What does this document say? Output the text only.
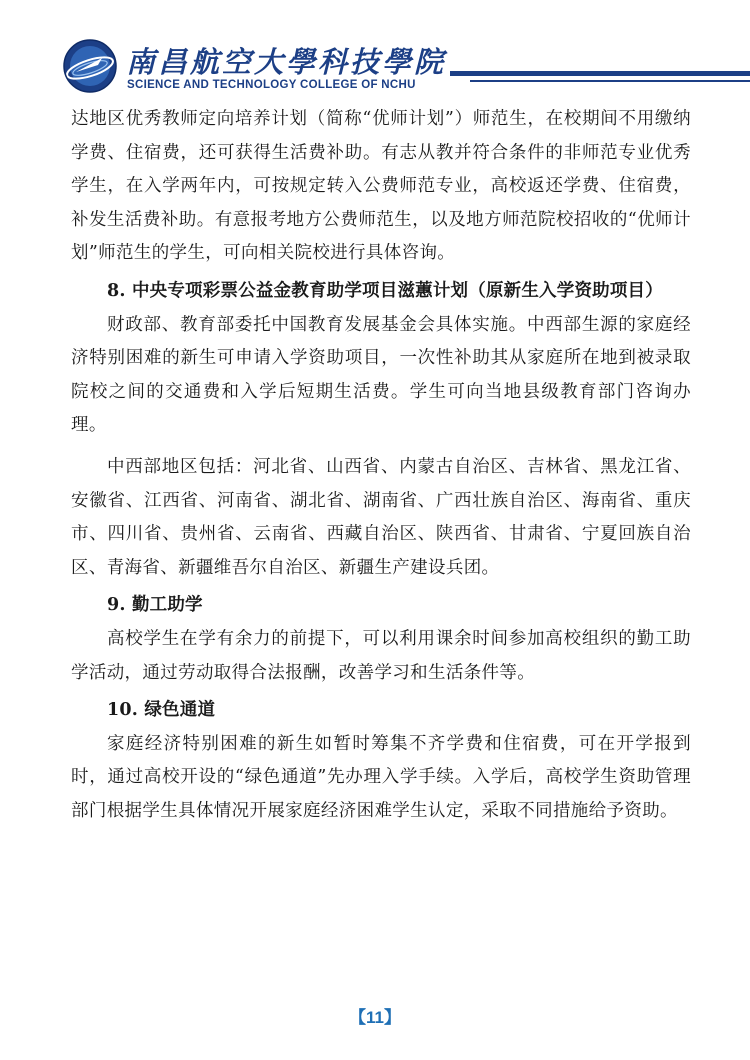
南昌航空大學科技學院
SCIENCE AND TECHNOLOGY COLLEGE OF NCHU

达地区优秀教师定向培养计划（简称“优师计划”）师范生，在校期间不用缴纳学费、住宿费，还可获得生活费补助。有志从教并符合条件的非师范专业优秀学生，在入学两年内，可按规定转入公费师范专业，高校返还学费、住宿费，补发生活费补助。有意报考地方公费师范生，以及地方师范院校招收的“优师计划”师范生的学生，可向相关院校进行具体咨询。

8. 中央专项彩票公益金教育助学项目滋蕙计划（原新生入学资助项目）

财政部、教育部委托中国教育发展基金会具体实施。中西部生源的家庭经济特别困难的新生可申请入学资助项目，一次性补助其从家庭所在地到被录取院校之间的交通费和入学后短期生活费。学生可向当地县级教育部门咨询办理。

中西部地区包括：河北省、山西省、内蒙古自治区、吉林省、黑龙江省、安徽省、江西省、河南省、湖北省、湖南省、广西壮族自治区、海南省、重庆市、四川省、贵州省、云南省、西藏自治区、陕西省、甘肃省、宁夏回族自治区、青海省、新疆维吾尔自治区、新疆生产建设兵团。

9. 勤工助学

高校学生在学有余力的前提下，可以利用课余时间参加高校组织的勤工助学活动，通过劳动取得合法报酬，改善学习和生活条件等。

10. 绿色通道

家庭经济特别困难的新生如暂时筹集不齐学费和住宿费，可在开学报到时，通过高校开设的“绿色通道”先办理入学手续。入学后，高校学生资助管理部门根据学生具体情况开展家庭经济困难学生认定，采取不同措施给予资助。

【11】
